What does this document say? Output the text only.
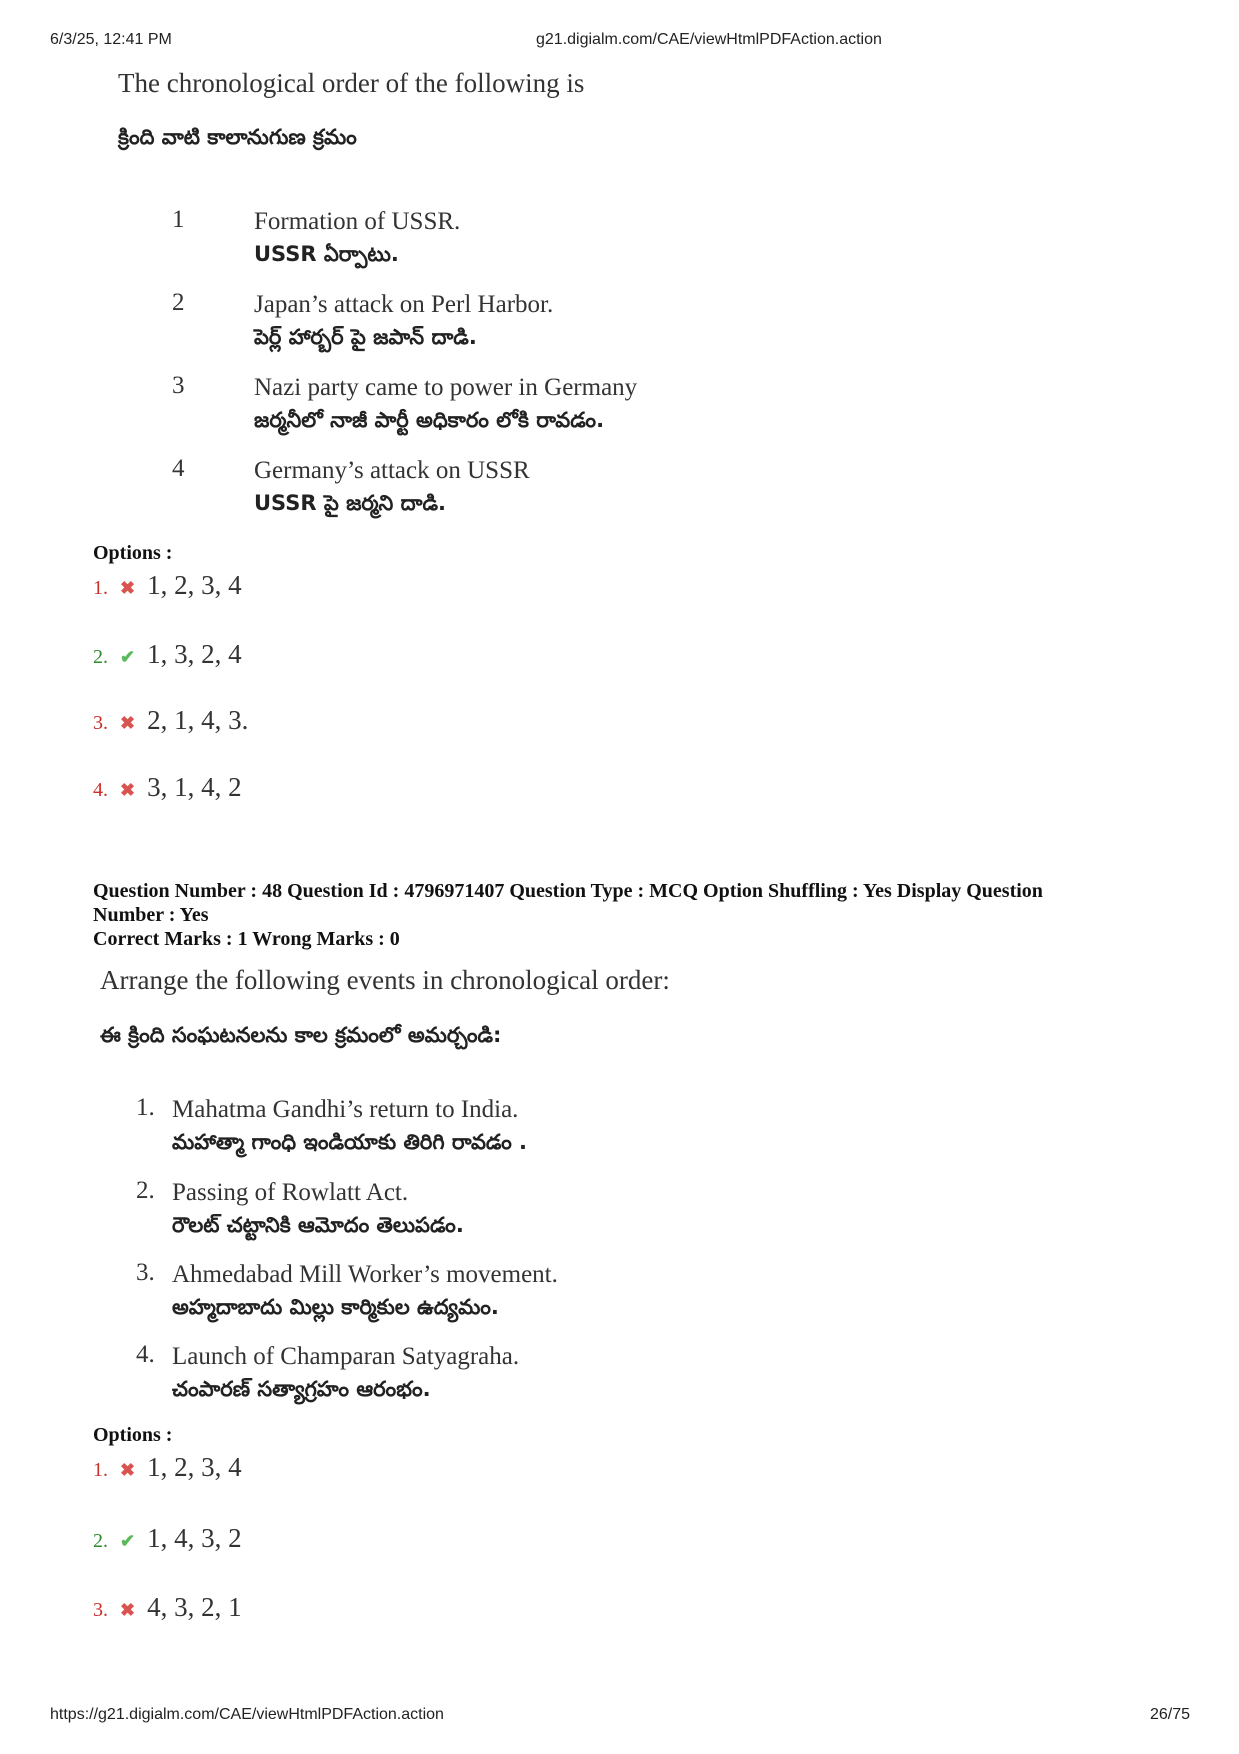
6/3/25, 12:41 PM	g21.digialm.com/CAE/viewHtmlPDFAction.action
The chronological order of the following is
క్రింది వాటి కాలానుగుణ క్రమం
1	Formation of USSR.
USSR ఏర్పాటు.
2	Japan’s attack on Perl Harbor.
పెర్ల్ హార్బర్ పై జపాన్ దాడి.
3	Nazi party came to power in Germany
జర్మనీలో నాజీ పార్టీ అధికారం లోకి రావడం.
4	Germany’s attack on USSR
USSR పై జర్మని దాడి.
Options :
1. ✖ 1, 2, 3, 4
2. ✔ 1, 3, 2, 4
3. ✖ 2, 1, 4, 3.
4. ✖ 3, 1, 4, 2
Question Number : 48 Question Id : 4796971407 Question Type : MCQ Option Shuffling : Yes Display Question
Number : Yes
Correct Marks : 1 Wrong Marks : 0
Arrange the following events in chronological order:
ఈ క్రింది సంఘటనలను కాల క్రమంలో అమర్చండి:
1. Mahatma Gandhi’s return to India.
మహాత్మా గాంధి ఇండియాకు తిరిగి రావడం .
2. Passing of Rowlatt Act.
రౌలట్ చట్టానికి ఆమోదం తెలుపడం.
3. Ahmedabad Mill Worker’s movement.
అహ్మదాబాదు మిల్లు కార్మికుల ఉద్యమం.
4. Launch of Champaran Satyagraha.
చంపారణ్ సత్యాగ్రహం ఆరంభం.
Options :
1. ✖ 1, 2, 3, 4
2. ✔ 1, 4, 3, 2
3. ✖ 4, 3, 2, 1
https://g21.digialm.com/CAE/viewHtmlPDFAction.action	26/75
